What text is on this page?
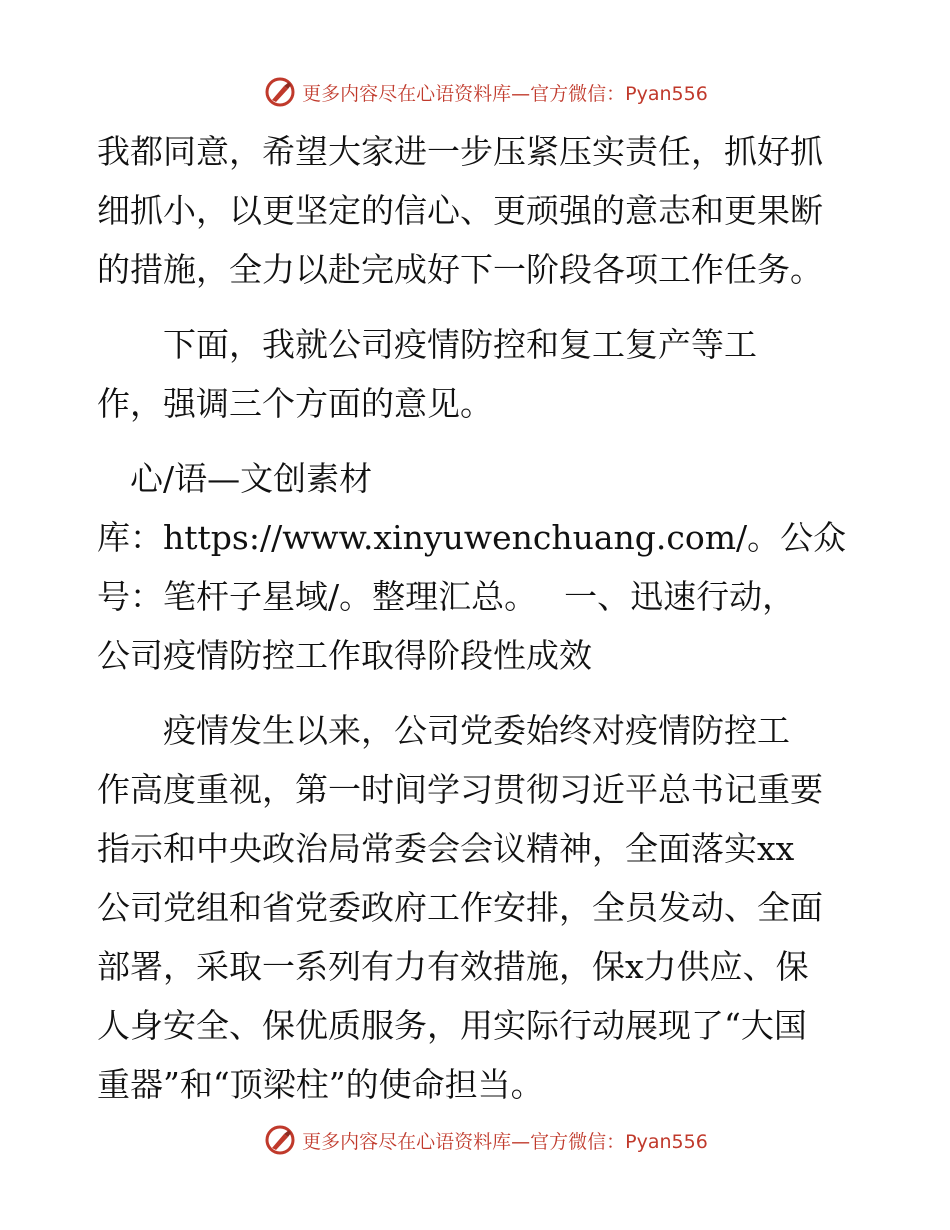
更多内容尽在心语资料库—官方微信：Pyan556

我都同意，希望大家进一步压紧压实责任，抓好抓
细抓小，以更坚定的信心、更顽强的意志和更果断
的措施，全力以赴完成好下一阶段各项工作任务。

　　下面，我就公司疫情防控和复工复产等工
作，强调三个方面的意见。

　心/语—文创素材
库：https://www.xinyuwenchuang.com/。公众
号：笔杆子星域/。整理汇总。　 一、迅速行动，
公司疫情防控工作取得阶段性成效

　　疫情发生以来，公司党委始终对疫情防控工
作高度重视，第一时间学习贯彻习近平总书记重要
指示和中央政治局常委会会议精神，全面落实xx
公司党组和省党委政府工作安排，全员发动、全面
部署，采取一系列有力有效措施，保x力供应、保
人身安全、保优质服务，用实际行动展现了“大国
重器”和“顶梁柱”的使命担当。

更多内容尽在心语资料库—官方微信：Pyan556
